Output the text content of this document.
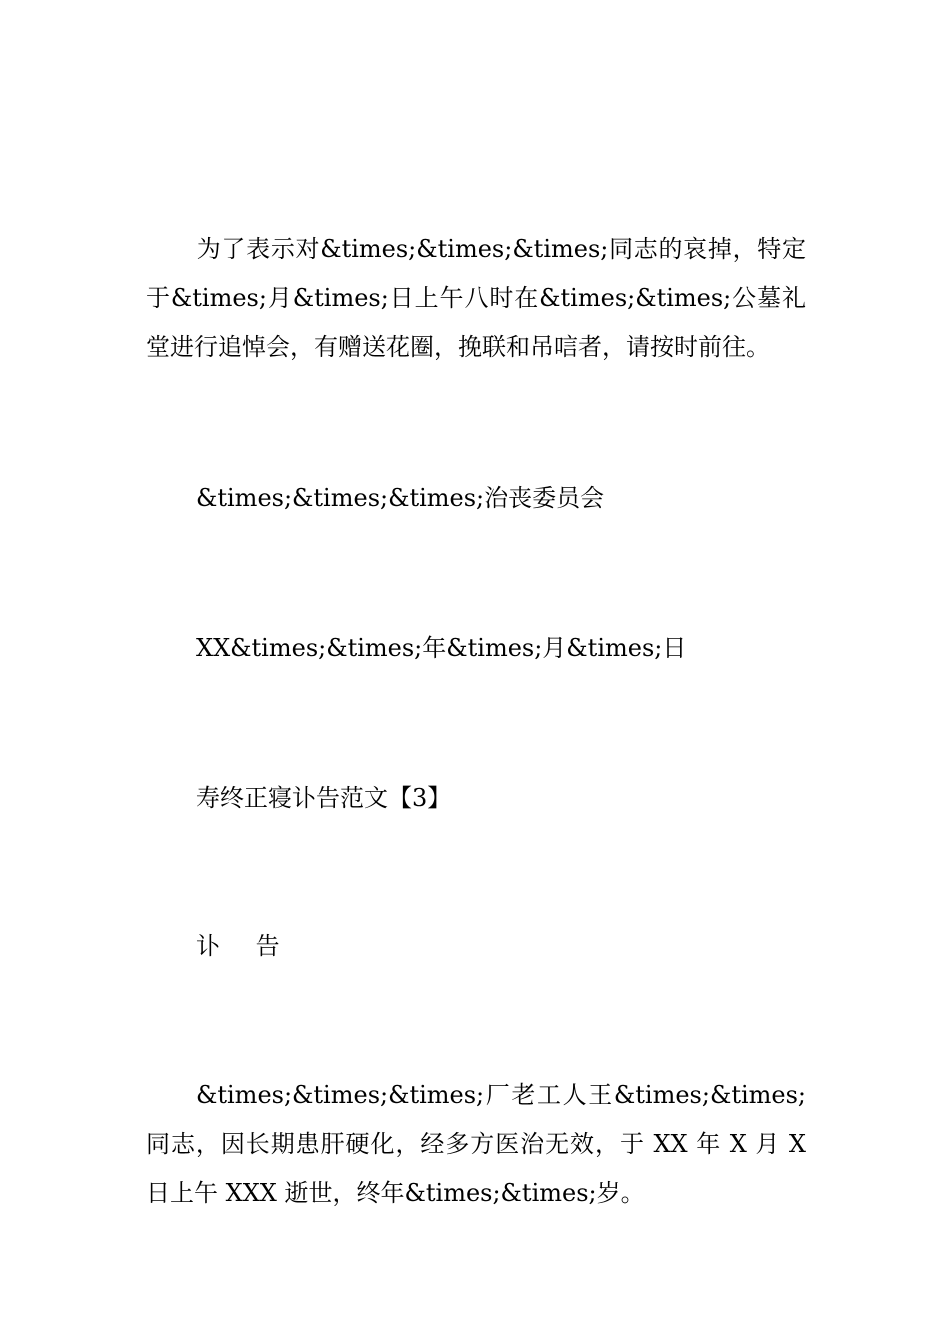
为了表示对&times;&times;&times;同志的哀掉，特定于&times;月&times;日上午八时在&times;&times;公墓礼堂进行追悼会，有赠送花圈，挽联和吊唁者，请按时前往。

&times;&times;&times;治丧委员会

XX&times;&times;年&times;月&times;日

寿终正寝讣告范文【3】

讣 告

&times;&times;&times;厂老工人王&times;&times;同志，因长期患肝硬化，经多方医治无效，于 XX 年 X 月 X 日上午 XXX 逝世，终年&times;&times;岁。
